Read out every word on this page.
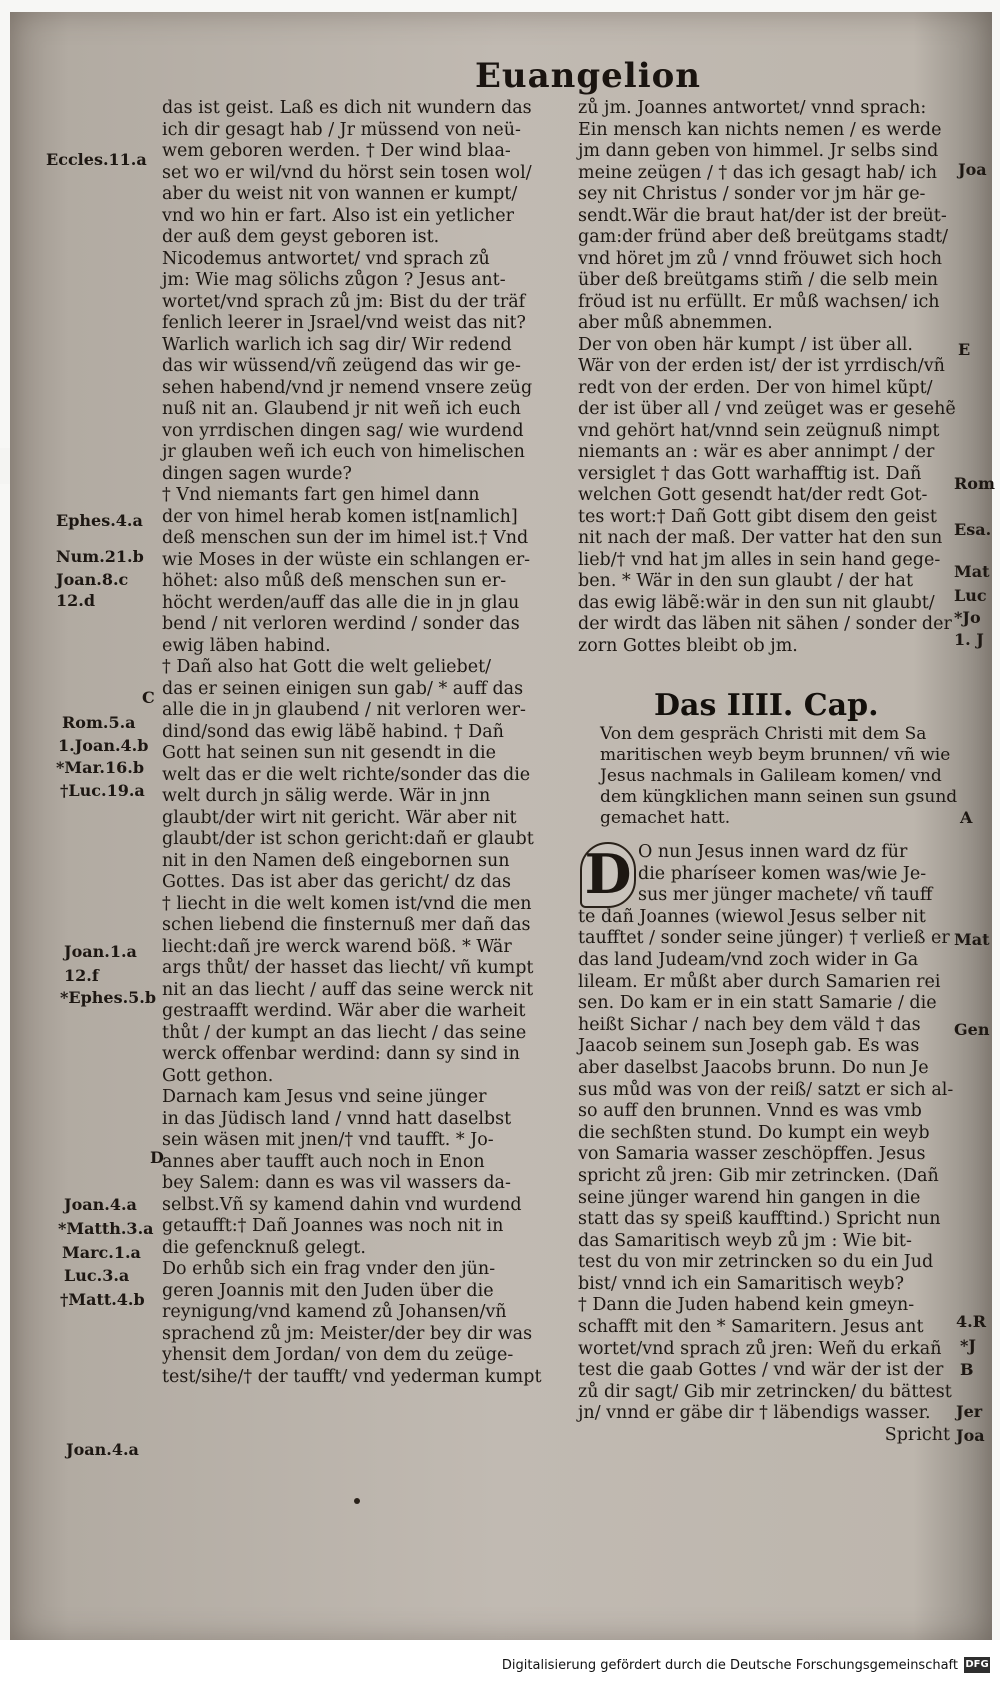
Euangelion
das ist geist. Laß es dich nit wundern das
ich dir gesagt hab / Jr müssend von neü-
wem geboren werden. † Der wind blaa-
set wo er wil/vnd du hörst sein tosen wol/
aber du weist nit von wannen er kumpt/
vnd wo hin er fart. Also ist ein yetlicher
der auß dem geyst geboren ist.
Nicodemus antwortet/ vnd sprach zů
jm: Wie mag sölichs zůgon ? Jesus ant-
wortet/vnd sprach zů jm: Bist du der träf
fenlich leerer in Jsrael/vnd weist das nit?
Warlich warlich ich sag dir/ Wir redend
das wir wüssend/vñ zeügend das wir ge-
sehen habend/vnd jr nemend vnsere zeüg
nuß nit an. Glaubend jr nit weñ ich euch
von yrrdischen dingen sag/ wie wurdend
jr glauben weñ ich euch von himelischen
dingen sagen wurde?
† Vnd niemants fart gen himel dann
der von himel herab komen ist[namlich]
deß menschen sun der im himel ist.† Vnd
wie Moses in der wüste ein schlangen er-
höhet: also můß deß menschen sun er-
höcht werden/auff das alle die in jn glau
bend / nit verloren werdind / sonder das
ewig läben habind.
† Dañ also hat Gott die welt geliebet/
das er seinen einigen sun gab/ * auff das
alle die in jn glaubend / nit verloren wer-
dind/sond das ewig läbẽ habind. † Dañ
Gott hat seinen sun nit gesendt in die
welt das er die welt richte/sonder das die
welt durch jn sälig werde. Wär in jnn
glaubt/der wirt nit gericht. Wär aber nit
glaubt/der ist schon gericht:dañ er glaubt
nit in den Namen deß eingebornen sun
Gottes. Das ist aber das gericht/ dz das
† liecht in die welt komen ist/vnd die men
schen liebend die finsternuß mer dañ das
liecht:dañ jre werck warend böß. * Wär
args thůt/ der hasset das liecht/ vñ kumpt
nit an das liecht / auff das seine werck nit
gestraafft werdind. Wär aber die warheit
thůt / der kumpt an das liecht / das seine
werck offenbar werdind: dann sy sind in
Gott gethon.
Darnach kam Jesus vnd seine jünger
in das Jüdisch land / vnnd hatt daselbst
sein wäsen mit jnen/† vnd taufft. * Jo-
annes aber taufft auch noch in Enon
bey Salem: dann es was vil wassers da-
selbst.Vñ sy kamend dahin vnd wurdend
getaufft:† Dañ Joannes was noch nit in
die gefencknuß gelegt.
Do erhůb sich ein frag vnder den jün-
geren Joannis mit den Juden über die
reynigung/vnd kamend zů Johansen/vñ
sprachend zů jm: Meister/der bey dir was
yhensit dem Jordan/ von dem du zeüge-
test/sihe/† der taufft/ vnd yederman kumpt
zů jm. Joannes antwortet/ vnnd sprach:
Ein mensch kan nichts nemen / es werde
jm dann geben von himmel. Jr selbs sind
meine zeügen / † das ich gesagt hab/ ich
sey nit Christus / sonder vor jm här ge-
sendt.Wär die braut hat/der ist der breüt-
gam:der fründ aber deß breütgams stadt/
vnd höret jm zů / vnnd fröuwet sich hoch
über deß breütgams stim̃ / die selb mein
fröud ist nu erfüllt. Er můß wachsen/ ich
aber můß abnemmen.
Der von oben här kumpt / ist über all.
Wär von der erden ist/ der ist yrrdisch/vñ
redt von der erden. Der von himel kũpt/
der ist über all / vnd zeüget was er gesehẽ
vnd gehört hat/vnnd sein zeügnuß nimpt
niemants an : wär es aber annimpt / der
versiglet † das Gott warhafftig ist. Dañ
welchen Gott gesendt hat/der redt Got-
tes wort:† Dañ Gott gibt disem den geist
nit nach der maß. Der vatter hat den sun
lieb/† vnd hat jm alles in sein hand gege-
ben. * Wär in den sun glaubt / der hat
das ewig läbẽ:wär in den sun nit glaubt/
der wirdt das läben nit sähen / sonder der
zorn Gottes bleibt ob jm.
Das IIII. Cap.
Von dem gespräch Christi mit dem Sa
maritischen weyb beym brunnen/ vñ wie
Jesus nachmals in Galileam komen/ vnd
dem küngklichen mann seinen sun gsund
gemachet hatt.
D O nun Jesus innen ward dz für
die pharíseer komen was/wie Je-
sus mer jünger machete/ vñ tauff
te dañ Joannes (wiewol Jesus selber nit
taufftet / sonder seine jünger) † verließ er
das land Judeam/vnd zoch wider in Ga
lileam. Er můßt aber durch Samarien rei
sen. Do kam er in ein statt Samarie / die
heißt Sichar / nach bey dem väld † das
Jaacob seinem sun Joseph gab. Es was
aber daselbst Jaacobs brunn. Do nun Je
sus můd was von der reiß/ satzt er sich al-
so auff den brunnen. Vnnd es was vmb
die sechßten stund. Do kumpt ein weyb
von Samaria wasser zeschöpffen. Jesus
spricht zů jren: Gib mir zetrincken. (Dañ
seine jünger warend hin gangen in die
statt das sy speiß kaufftind.) Spricht nun
das Samaritisch weyb zů jm : Wie bit-
test du von mir zetrincken so du ein Jud
bist/ vnnd ich ein Samaritisch weyb?
† Dann die Juden habend kein gmeyn-
schafft mit den * Samaritern. Jesus ant
wortet/vnd sprach zů jren: Weñ du erkañ
test die gaab Gottes / vnd wär der ist der
zů dir sagt/ Gib mir zetrincken/ du bättest
jn/ vnnd er gäbe dir † läbendigs wasser.
Spricht
Eccles.11.a
Ephes.4.a
Num.21.b
Joan.8.c
12.d
C
Rom.5.a
1.Joan.4.b
*Mar.16.b
†Luc.19.a
Joan.1.a
12.f
*Ephes.5.b
D
Joan.4.a
*Matth.3.a
Marc.1.a
Luc.3.a
†Matt.4.b
Joan.4.a
Joa
E
Rom
Esa.
Mat
Luc
*Jo
1. J
A
Mat
Gen
4.R
*J
B
Jer
Joa
Digitalisierung gefördert durch die Deutsche Forschungsgemeinschaft DFG
